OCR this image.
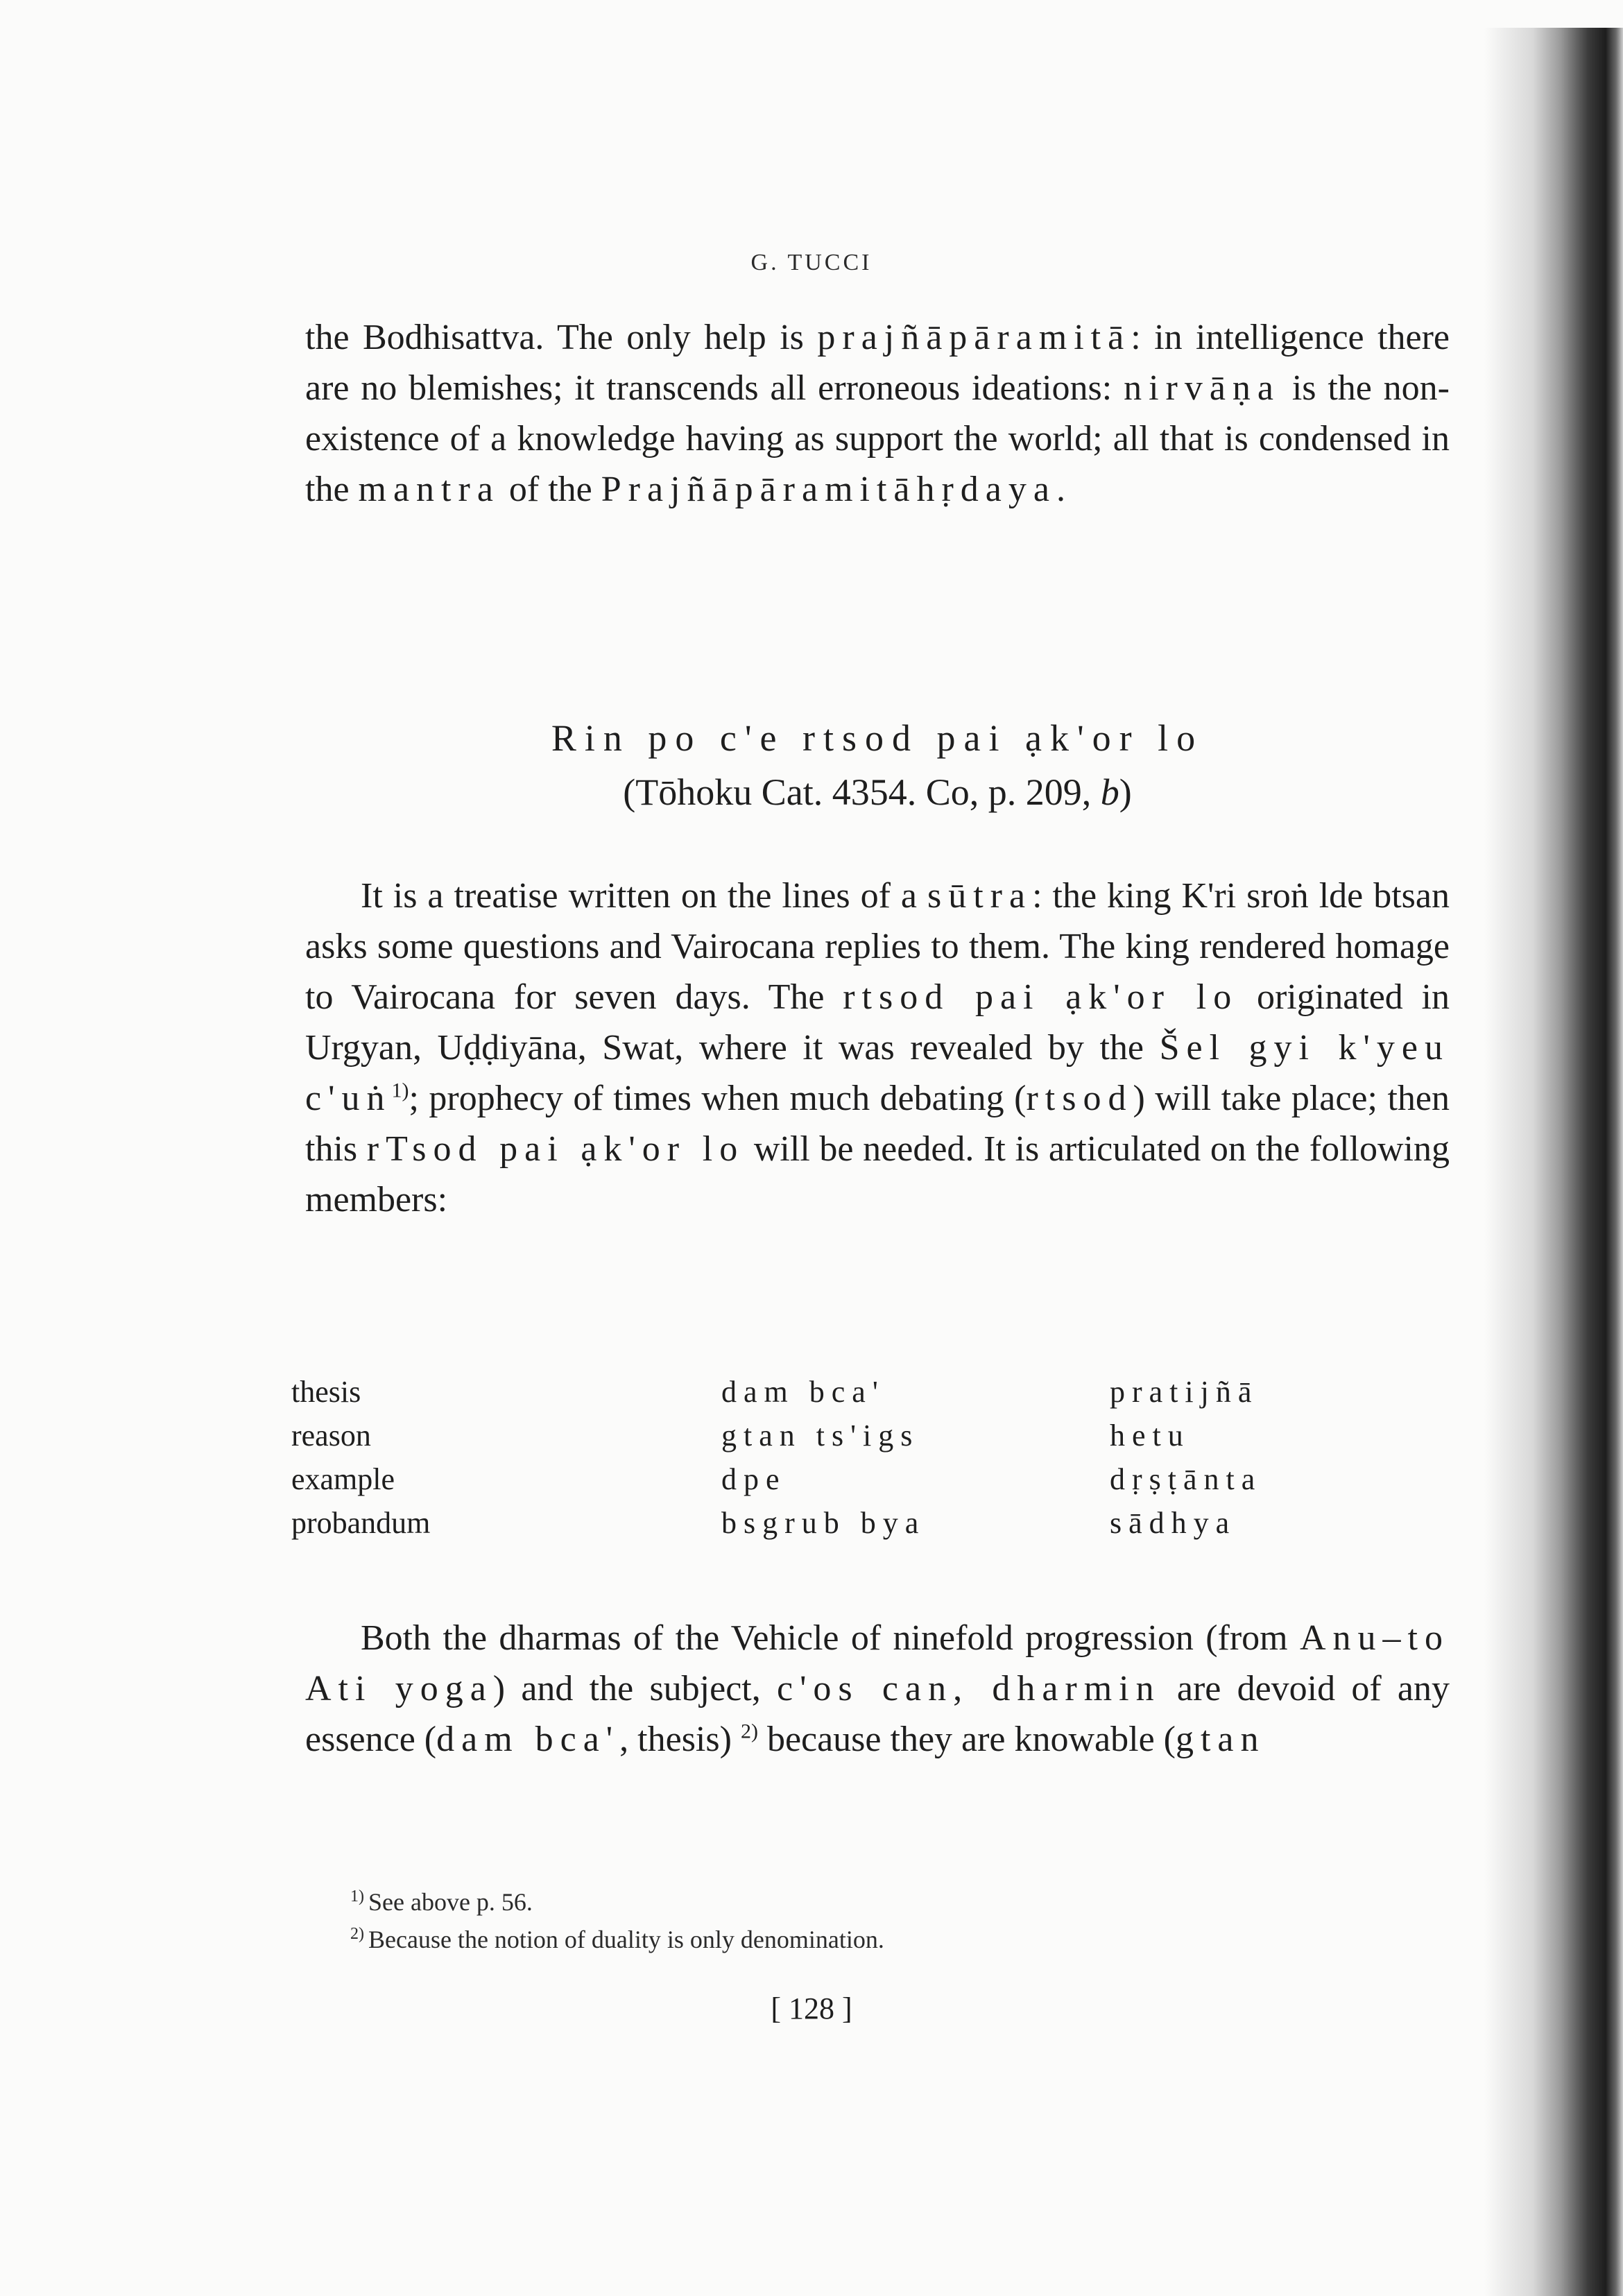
G. TUCCI

the Bodhisattva. The only help is prajñāpāramitā: in intelligence there are no blemishes; it transcends all erroneous ideations: nirvāṇa is the non-existence of a knowledge having as support the world; all that is condensed in the mantra of the Prajñāpāramitāhṛdaya.

Rin po c'e rtsod pai ạk'or lo
(Tōhoku Cat. 4354. Co, p. 209, b)

It is a treatise written on the lines of a sūtra: the king K'ri sroṅ lde btsan asks some questions and Vairocana replies to them. The king rendered homage to Vairocana for seven days. The rtsod pai ạk'or lo originated in Urgyan, Uḍḍiyāna, Swat, where it was revealed by the Šel gyi k'yeu c'uṅ$^{1)}$; prophecy of times when much debating (rtsod) will take place; then this rTsod pai ạk'or lo will be needed. It is articulated on the following members:

thesis	dam bca'	pratijñā
reason	gtan ts'igs	hetu
example	dpe	dṛṣṭānta
probandum	bsgrub bya	sādhya

Both the dharmas of the Vehicle of ninefold progression (from Anu–to Ati yoga) and the subject, c'os can, dharmin are devoid of any essence (dam bca', thesis) $^{2)}$ because they are knowable (gtan

$^{1)}$ See above p. 56.
$^{2)}$ Because the notion of duality is only denomination.
[ 128 ]
